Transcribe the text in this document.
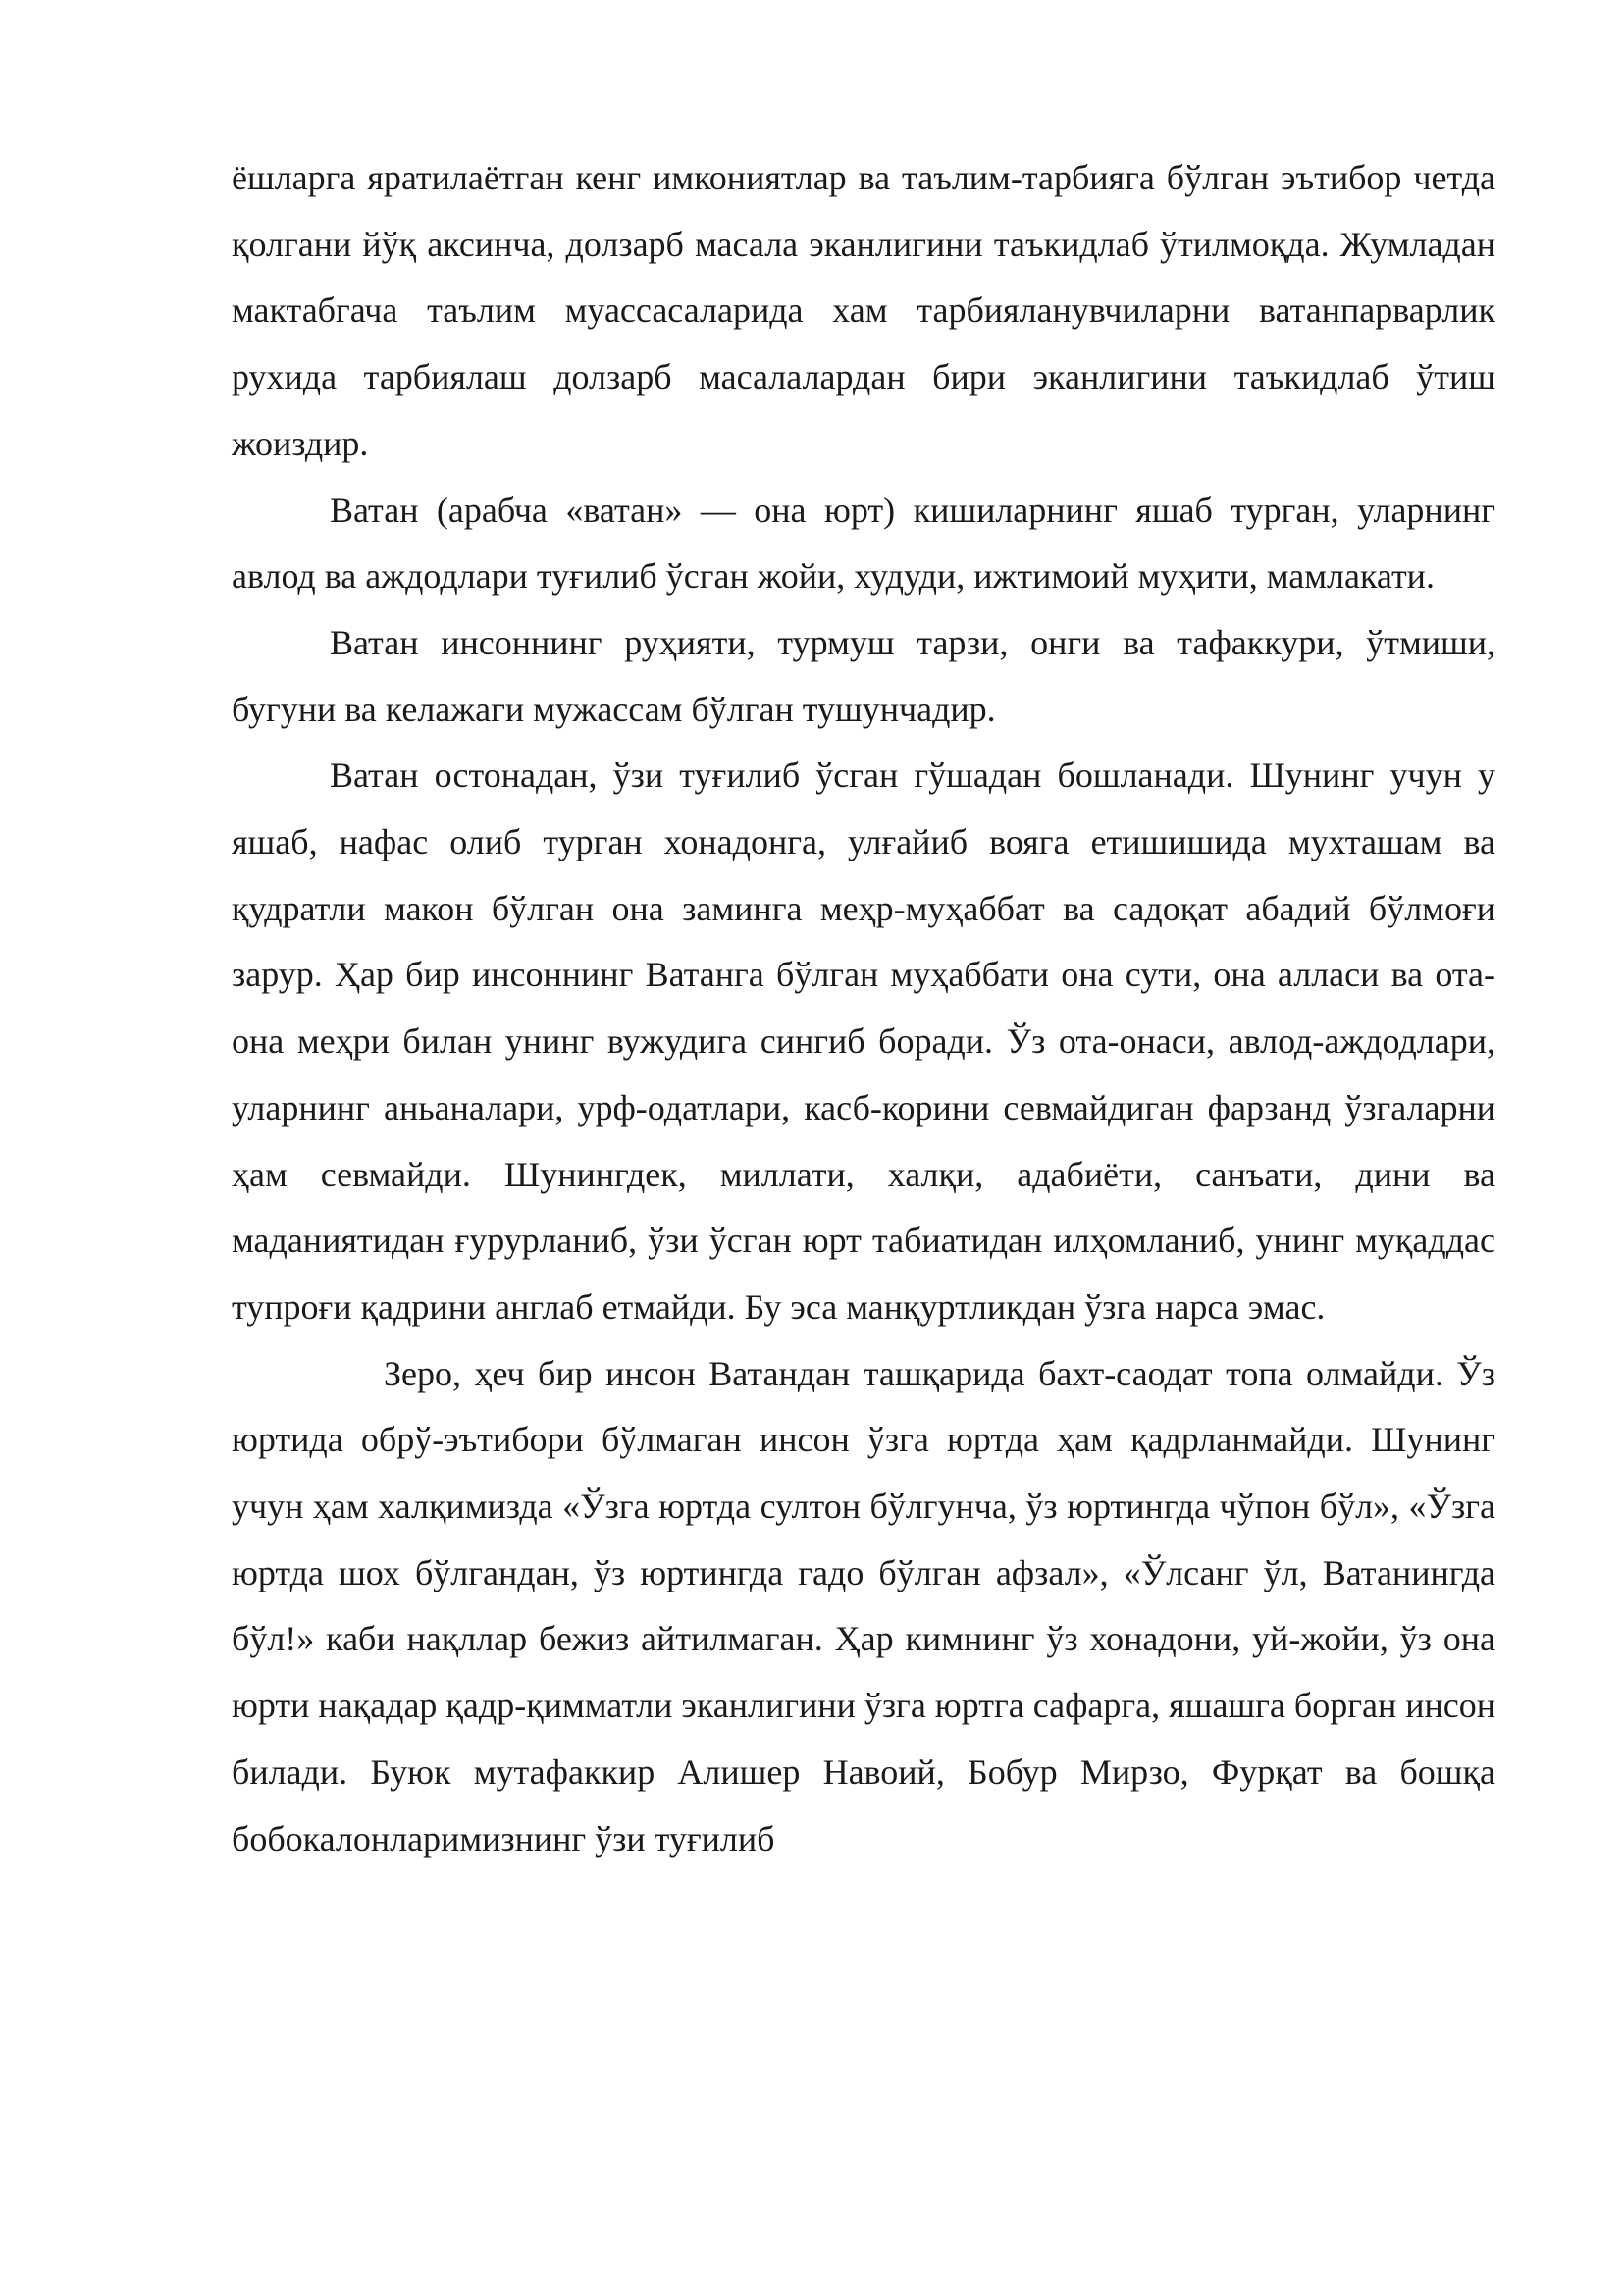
ёшларга яратилаётган кенг имкониятлар ва таълим-тарбияга бўлган эътибор четда қолгани йўқ аксинча, долзарб масала эканлигини таъкидлаб ўтилмоқда. Жумладан мактабгача таълим муассасаларида хам тарбияланувчиларни ватанпарварлик рухида тарбиялаш долзарб масалалардан бири эканлигини таъкидлаб ўтиш жоиздир.

Ватан (арабча «ватан» — она юрт) кишиларнинг яшаб турган, уларнинг авлод ва аждодлари туғилиб ўсган жойи, худуди, ижтимоий муҳити, мамлакати.

Ватан инсоннинг руҳияти, турмуш тарзи, онги ва тафаккури, ўтмиши, бугуни ва келажаги мужассам бўлган тушунчадир.

Ватан остонадан, ўзи туғилиб ўсган гўшадан бошланади. Шунинг учун у яшаб, нафас олиб турган хонадонга, улғайиб вояга етишишида мухташам ва қудратли макон бўлган она заминга меҳр-муҳаббат ва садоқат абадий бўлмоғи зарур. Ҳар бир инсоннинг Ватанга бўлган муҳаббати она сути, она алласи ва ота-она меҳри билан унинг вужудига сингиб боради. Ўз ота-онаси, авлод-аждодлари, уларнинг аньаналари, урф-одатлари, касб-корини севмайдиган фарзанд ўзгаларни ҳам севмайди. Шунингдек, миллати, халқи, адабиёти, санъати, дини ва маданиятидан ғурурланиб, ўзи ўсган юрт табиатидан илҳомланиб, унинг муқаддас тупроғи қадрини англаб етмайди. Бу эса манқуртликдан ўзга нарса эмас.

Зеро, ҳеч бир инсон Ватандан ташқарида бахт-саодат топа олмайди. Ўз юртида обрў-эътибори бўлмаган инсон ўзга юртда ҳам қадрланмайди. Шунинг учун ҳам халқимизда «Ўзга юртда султон бўлгунча, ўз юртингда чўпон бўл», «Ўзга юртда шох бўлгандан, ўз юртингда гадо бўлган афзал», «Ўлсанг ўл, Ватанингда бўл!» каби нақллар бежиз айтилмаган. Ҳар кимнинг ўз хонадони, уй-жойи, ўз она юрти нақадар қадр-қимматли эканлигини ўзга юртга сафарга, яшашга борган инсон билади. Буюк мутафаккир Алишер Навоий, Бобур Мирзо, Фурқат ва бошқа бобокалонларимизнинг ўзи туғилиб
